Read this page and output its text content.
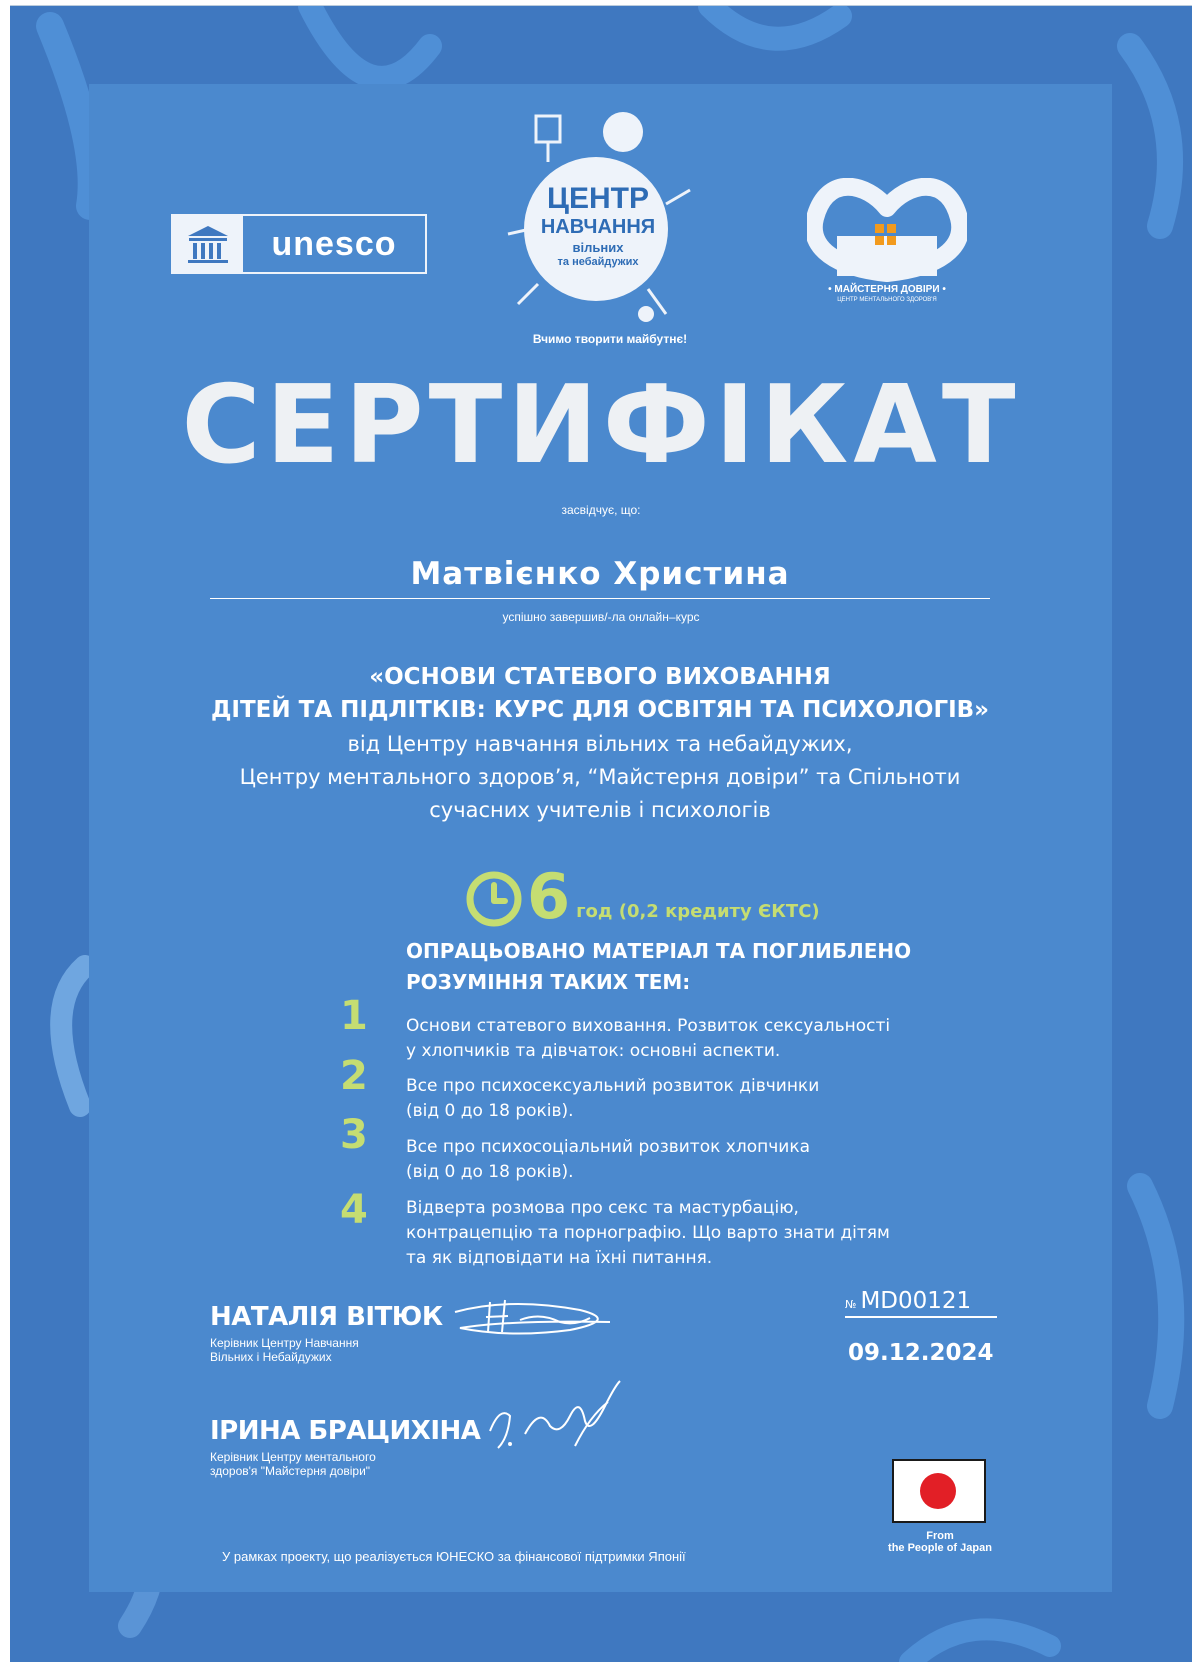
unesco
ЦЕНТР
НАВЧАННЯ
вільних
та небайдужих
Вчимо творити майбутнє!
• МАЙСТЕРНЯ ДОВІРИ •
ЦЕНТР МЕНТАЛЬНОГО ЗДОРОВ'Я
СЕРТИФІКАТ
засвідчує, що:
Матвієнко Христина
успішно завершив/-ла онлайн–курс
«ОСНОВИ СТАТЕВОГО ВИХОВАННЯ
ДІТЕЙ ТА ПІДЛІТКІВ: КУРС ДЛЯ ОСВІТЯН ТА ПСИХОЛОГІВ»
від Центру навчання вільних та небайдужих,
Центру ментального здоров’я, “Майстерня довіри” та Спільноти
сучасних учителів і психологів
6 год (0,2 кредиту ЄКТС)
ОПРАЦЬОВАНО МАТЕРІАЛ ТА ПОГЛИБЛЕНО
РОЗУМІННЯ ТАКИХ ТЕМ:
1 Основи статевого виховання. Розвиток сексуальності
у хлопчиків та дівчаток: основні аспекти.
2 Все про психосексуальний розвиток дівчинки
(від 0 до 18 років).
3 Все про психосоціальний розвиток хлопчика
(від 0 до 18 років).
4 Відверта розмова про секс та мастурбацію,
контрацепцію та порнографію. Що варто знати дітям
та як відповідати на їхні питання.
НАТАЛІЯ ВІТЮК
Керівник Центру Навчання
Вільних і Небайдужих
ІРИНА БРАЦИХІНА
Керівник Центру ментального
здоров'я "Майстерня довіри"
№ MD00121
09.12.2024
From
the People of Japan
У рамках проекту, що реалізується ЮНЕСКО за фінансової підтримки Японії
